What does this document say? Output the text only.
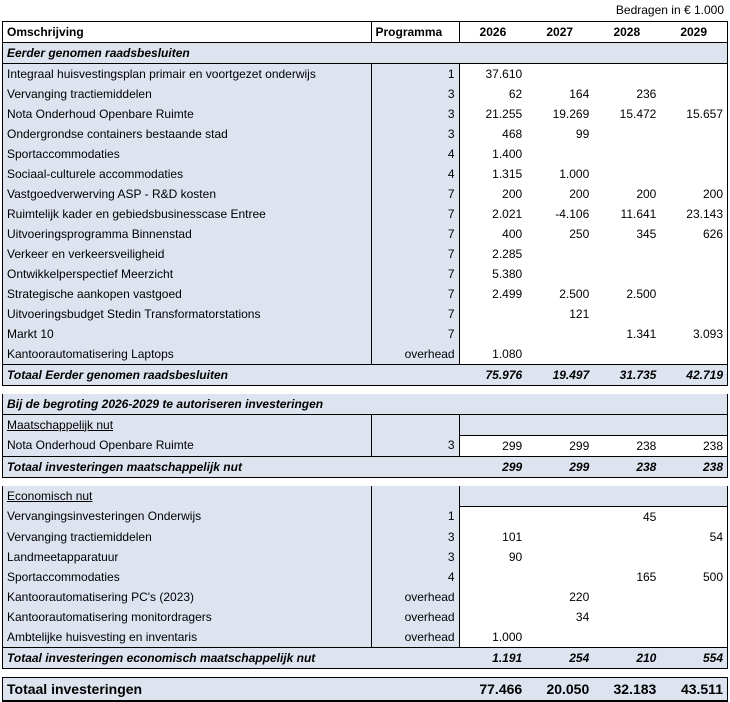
Bedragen in € 1.000
Omschrijving	Programma	2026	2027	2028	2029
Eerder genomen raadsbesluiten					
Integraal huisvestingsplan primair en voortgezet onderwijs	1	37.610			
Vervanging tractiemiddelen	3	62	164	236	
Nota Onderhoud Openbare Ruimte	3	21.255	19.269	15.472	15.657
Ondergrondse containers bestaande stad	3	468	99		
Sportaccommodaties	4	1.400			
Sociaal-culturele accommodaties	4	1.315	1.000		
Vastgoedverwerving ASP - R&D kosten	7	200	200	200	200
Ruimtelijk kader en gebiedsbusinesscase Entree	7	2.021	-4.106	11.641	23.143
Uitvoeringsprogramma Binnenstad	7	400	250	345	626
Verkeer en verkeersveiligheid	7	2.285			
Ontwikkelperspectief Meerzicht	7	5.380			
Strategische aankopen vastgoed	7	2.499	2.500	2.500	
Uitvoeringsbudget Stedin Transformatorstations	7		121		
Markt 10	7			1.341	3.093
Kantoorautomatisering Laptops	overhead	1.080			
Totaal Eerder genomen raadsbesluiten		75.976	19.497	31.735	42.719

Bij de begroting 2026-2029 te autoriseren investeringen					
Maatschappelijk nut					
Nota Onderhoud Openbare Ruimte	3	299	299	238	238
Totaal investeringen maatschappelijk nut		299	299	238	238

Economisch nut					
Vervangingsinvesteringen Onderwijs	1			45	
Vervanging tractiemiddelen	3	101			54
Landmeetapparatuur	3	90			
Sportaccommodaties	4			165	500
Kantoorautomatisering PC's (2023)	overhead		220		
Kantoorautomatisering monitordragers	overhead		34		
Ambtelijke huisvesting en inventaris	overhead	1.000			
Totaal investeringen economisch maatschappelijk nut		1.191	254	210	554

Totaal investeringen		77.466	20.050	32.183	43.511
